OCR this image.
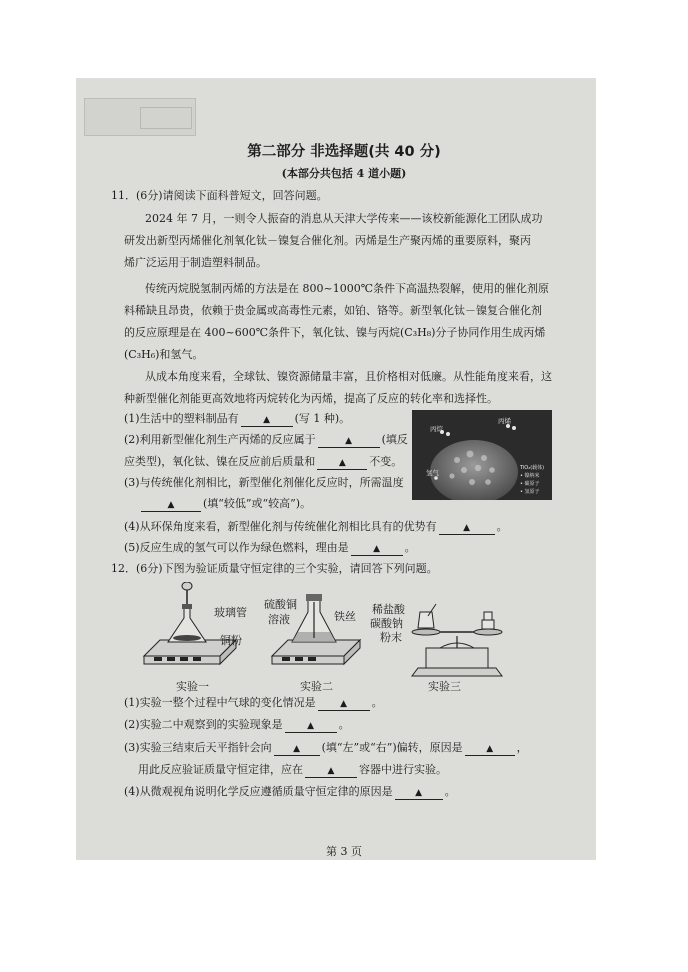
第二部分 非选择题(共 40 分)
(本部分共包括 4 道小题)
11．(6分)请阅读下面科普短文，回答问题。
2024 年 7 月，一则令人振奋的消息从天津大学传来——该校新能源化工团队成功
研发出新型丙烯催化剂氧化钛－镍复合催化剂。丙烯是生产聚丙烯的重要原料，聚丙
烯广泛运用于制造塑料制品。
传统丙烷脱氢制丙烯的方法是在 800~1000℃条件下高温热裂解，使用的催化剂原
料稀缺且昂贵，依赖于贵金属或高毒性元素，如铂、铬等。新型氧化钛－镍复合催化剂
的反应原理是在 400~600℃条件下，氧化钛、镍与丙烷(C₃H₈)分子协同作用生成丙烯
(C₃H₆)和氢气。
从成本角度来看，全球钛、镍资源储量丰富，且价格相对低廉。从性能角度来看，这
种新型催化剂能更高效地将丙烷转化为丙烯，提高了反应的转化率和选择性。
(1)生活中的塑料制品有	▲ (写 1 种)。
(2)利用新型催化剂生产丙烯的反应属于	▲	(填反
应类型)，氧化钛、镍在反应前后质量和	▲ 不变。
(3)与传统催化剂相比，新型催化剂催化反应时，所需温度
▲	(填“较低”或“较高”)。
(4)从环保角度来看，新型催化剂与传统催化剂相比具有的优势有	▲ 。
(5)反应生成的氢气可以作为绿色燃料，理由是	▲ 。
丙烷
丙烯
氢气
TiO₂(载体)
• 镍纳米
• 碳原子
• 氢原子
12．(6分)下图为验证质量守恒定律的三个实验，请回答下列问题。
玻璃管
铜粉
硫酸铜
溶液	铁丝
稀盐酸
碳酸钠
粉末
实验一	实验二	实验三
(1)实验一整个过程中气球的变化情况是	▲ 。
(2)实验二中观察到的实验现象是	▲ 。
(3)实验三结束后天平指针会向 ▲ (填“左”或“右”)偏转，原因是	▲ ，
用此反应验证质量守恒定律，应在	▲ 容器中进行实验。
(4)从微观视角说明化学反应遵循质量守恒定律的原因是	▲ 。
第 3 页
